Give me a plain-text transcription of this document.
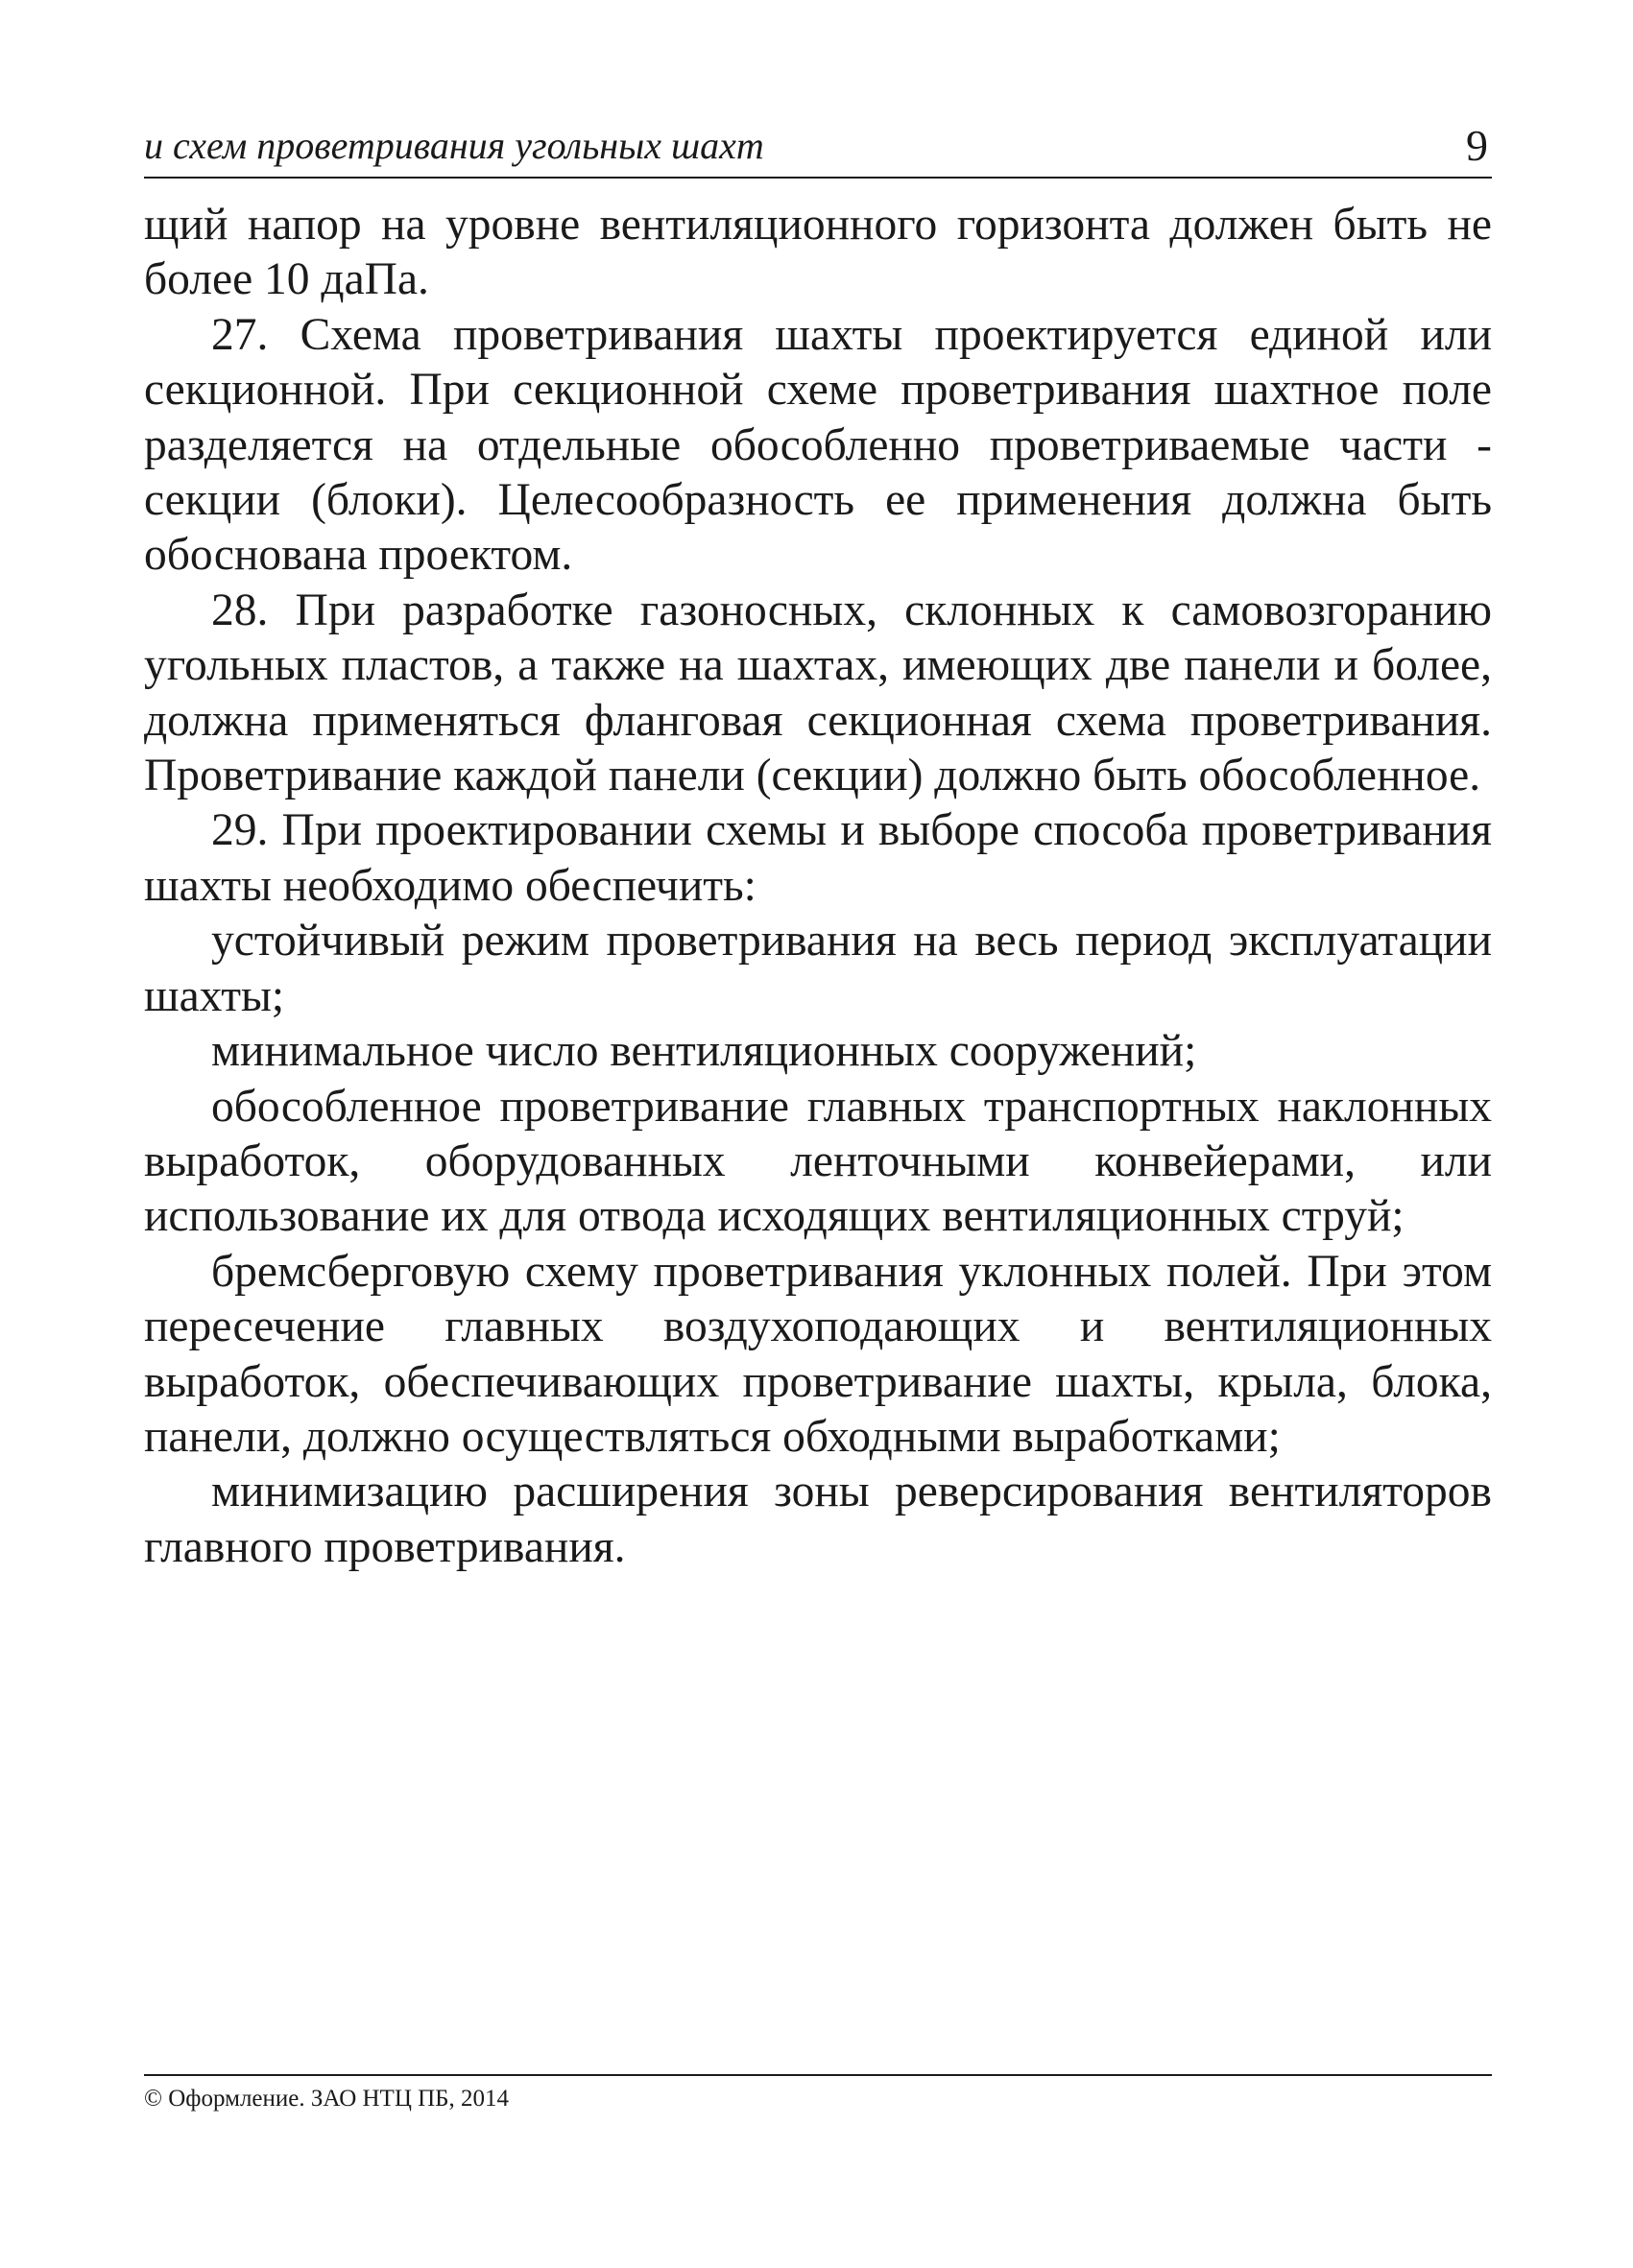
и схем проветривания угольных шахт	9

щий напор на уровне вентиляционного горизонта должен быть не более 10 даПа.

27. Схема проветривания шахты проектируется единой или секционной. При секционной схеме проветривания шахтное поле разделяется на отдельные обособленно проветриваемые части - секции (блоки). Целесообразность ее применения должна быть обоснована проектом.

28. При разработке газоносных, склонных к самовозгоранию угольных пластов, а также на шахтах, имеющих две панели и более, должна применяться фланговая секционная схема проветривания. Проветривание каждой панели (секции) должно быть обособленное.

29. При проектировании схемы и выборе способа проветривания шахты необходимо обеспечить:

устойчивый режим проветривания на весь период эксплуатации шахты;

минимальное число вентиляционных сооружений;

обособленное проветривание главных транспортных наклонных выработок, оборудованных ленточными конвейерами, или использование их для отвода исходящих вентиляционных струй;

бремсберговую схему проветривания уклонных полей. При этом пересечение главных воздухоподающих и вентиляционных выработок, обеспечивающих проветривание шахты, крыла, блока, панели, должно осуществляться обходными выработками;

минимизацию расширения зоны реверсирования вентиляторов главного проветривания.

© Оформление. ЗАО НТЦ ПБ, 2014
